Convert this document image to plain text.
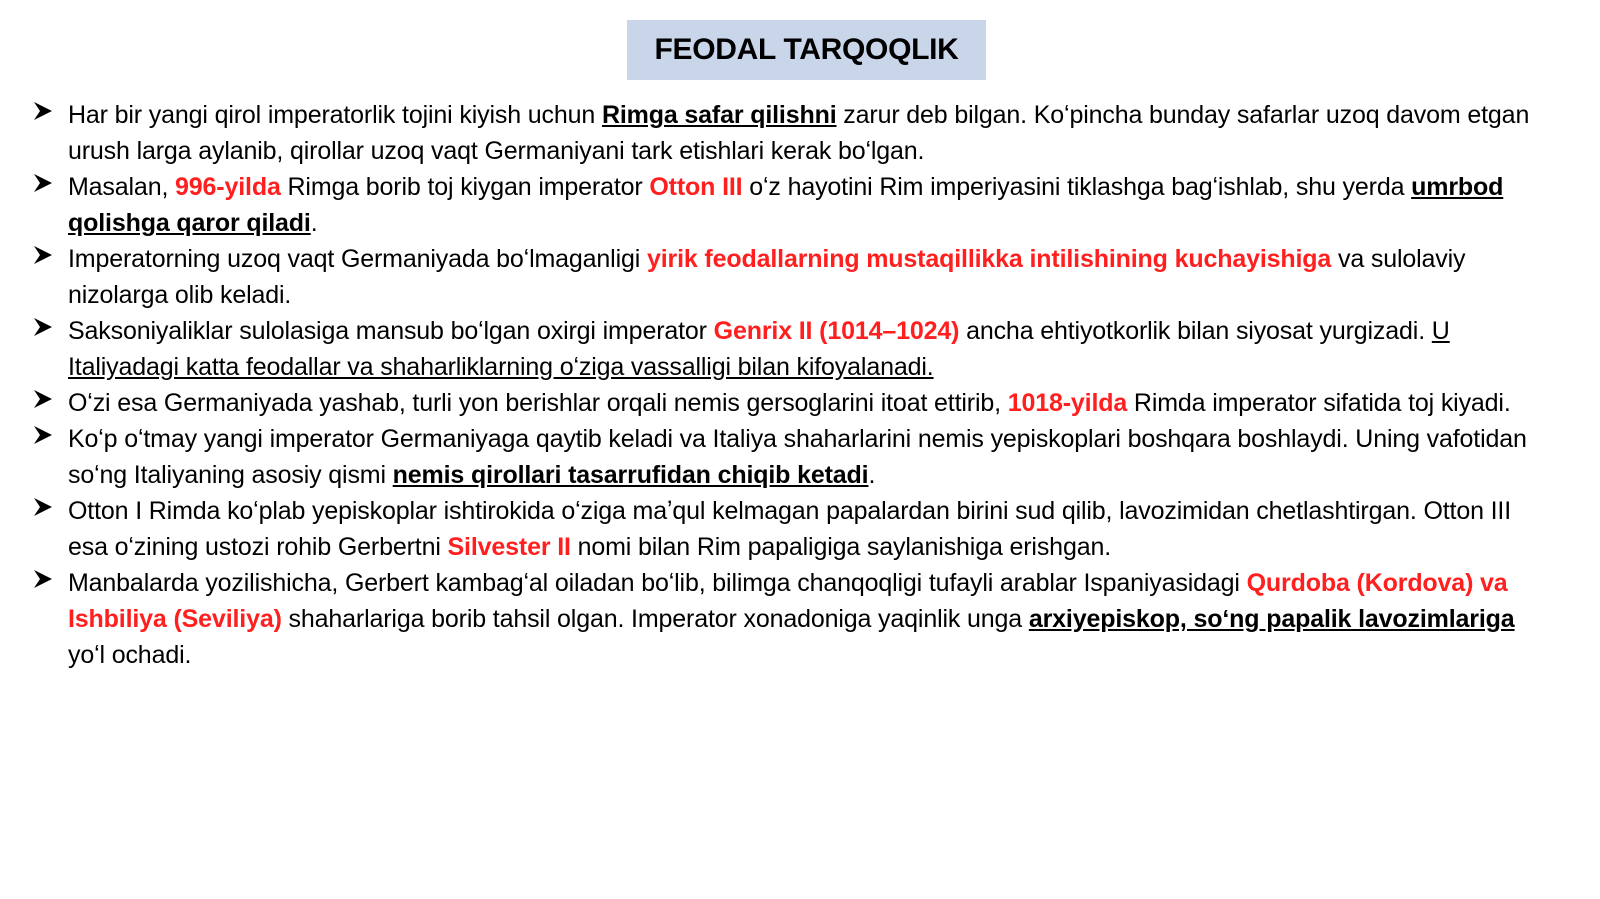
FEODAL TARQOQLIK
Har bir yangi qirol imperatorlik tojini kiyish uchun Rimga safar qilishni zarur deb bilgan. Koʻpincha bunday safarlar uzoq davom etgan urush larga aylanib, qirollar uzoq vaqt Germaniyani tark etishlari kerak boʻlgan.
Masalan, 996-yilda Rimga borib toj kiygan imperator Otton III oʻz hayotini Rim imperiyasini tiklashga bagʻishlab, shu yerda umrbod qolishga qaror qiladi.
Imperatorning uzoq vaqt Germaniyada boʻlmaganligi yirik feodallarning mustaqillikka intilishining kuchayishiga va sulolaviy nizolarga olib keladi.
Saksoniyaliklar sulolasiga mansub boʻlgan oxirgi imperator Genrix II (1014–1024) ancha ehtiyotkorlik bilan siyosat yurgizadi. U Italiyadagi katta feodallar va shaharliklarning oʻziga vassalligi bilan kifoyalanadi.
Oʻzi esa Germaniyada yashab, turli yon berishlar orqali nemis gersoglarini itoat ettirib, 1018-yilda Rimda imperator sifatida toj kiyadi.
Koʻp oʻtmay yangi imperator Germaniyaga qaytib keladi va Italiya shaharlarini nemis yepiskoplari boshqara boshlaydi. Uning vafotidan soʻng Italiyaning asosiy qismi nemis qirollari tasarrufidan chiqib ketadi.
Otton I Rimda koʻplab yepiskoplar ishtirokida oʻziga maʼqul kelmagan papalardan birini sud qilib, lavozimidan chetlashtirgan. Otton III esa oʻzining ustozi rohib Gerbertni Silvester II nomi bilan Rim papaligiga saylanishiga erishgan.
Manbalarda yozilishicha, Gerbert kambagʻal oiladan boʻlib, bilimga chanqoqligi tufayli arablar Ispaniyasidagi Qurdoba (Kordova) va Ishbiliya (Seviliya) shaharlariga borib tahsil olgan. Imperator xonadoniga yaqinlik unga arxiyepiskop, soʻng papalik lavozimlariga yoʻl ochadi.
